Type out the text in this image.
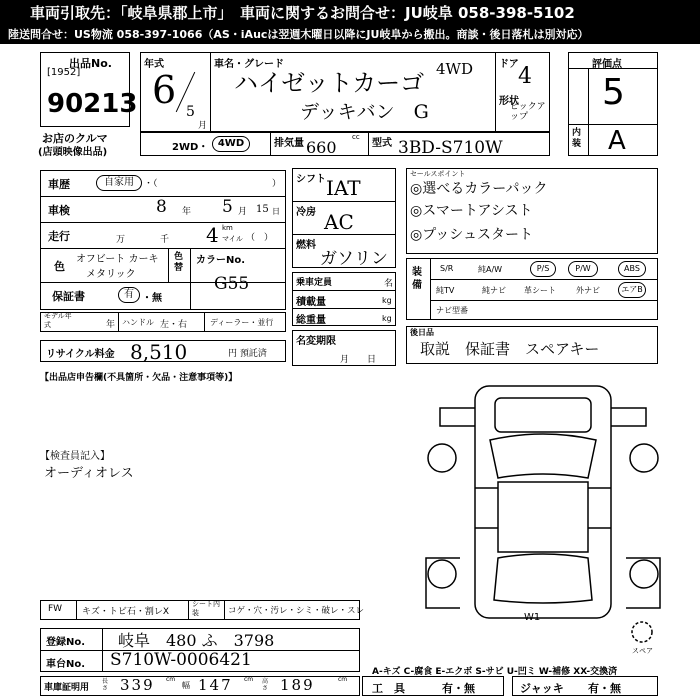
車両引取先：「岐阜県郡上市」　車両に関するお問合せ：JU岐阜 058-398-5102
陸送問合せ：US物流 058-397-1066（AS・iAucは翌週木曜日以降にJU岐阜から搬出。商談・後日落札は別対応）
出品No.
[1952]
90213
お店のクルマ
(店頭映像出品)
年式
6 5
月
車名・グレード
ハイゼットカーゴ 4WD
デッキバン　G
ドア 4
形状
ピックアップ
2WD・ 4WD	排気量
cc
660	型式 3BD-S710W
評価点
5
内装 A
車歴	自家用	・（	）
車検	8 年 5 月 15 日
走行	万	千 4 km
マイル （　）
色
オフビート カーキ
メタリック
色替
カラーNo.
G55
保証書	有 ・無
モデル年式	年 ハンドル 左・右	ディーラー・並行
リサイクル料金 8,510	円 預託済
シフト IAT
冷房 AC
燃料
ガソリン
乗車定員	名
積載量	kg
総重量	kg
名変期限
月日
セールスポイント
◎選べるカラーパック
◎スマートアシスト
◎プッシュスタート
装備
S/R	純A/W	P/S	P/W	ABS
純TV	純ナビ 革シート	外ナビ	エアB
ナビ型番
後日品
取説　保証書　スペアキー
【出品店申告欄(不具箇所・欠品・注意事項等)】
【検査員記入】
オーディオレス
W1
スペア
A-キズ C-腐食 E-エクボ S-サビ U-凹ミ W-補修 XX-交換済
FW キズ・トビ石・割レX
シート内装	コゲ・穴・汚レ・シミ・破レ・スレ
登録No. 岐阜　480 ふ　3798
車台No. S710W-0006421
車庫証明用
長さ 339 cm
幅 147 cm 高さ 189	cm
工　具	有・無	ジャッキ 有・無
